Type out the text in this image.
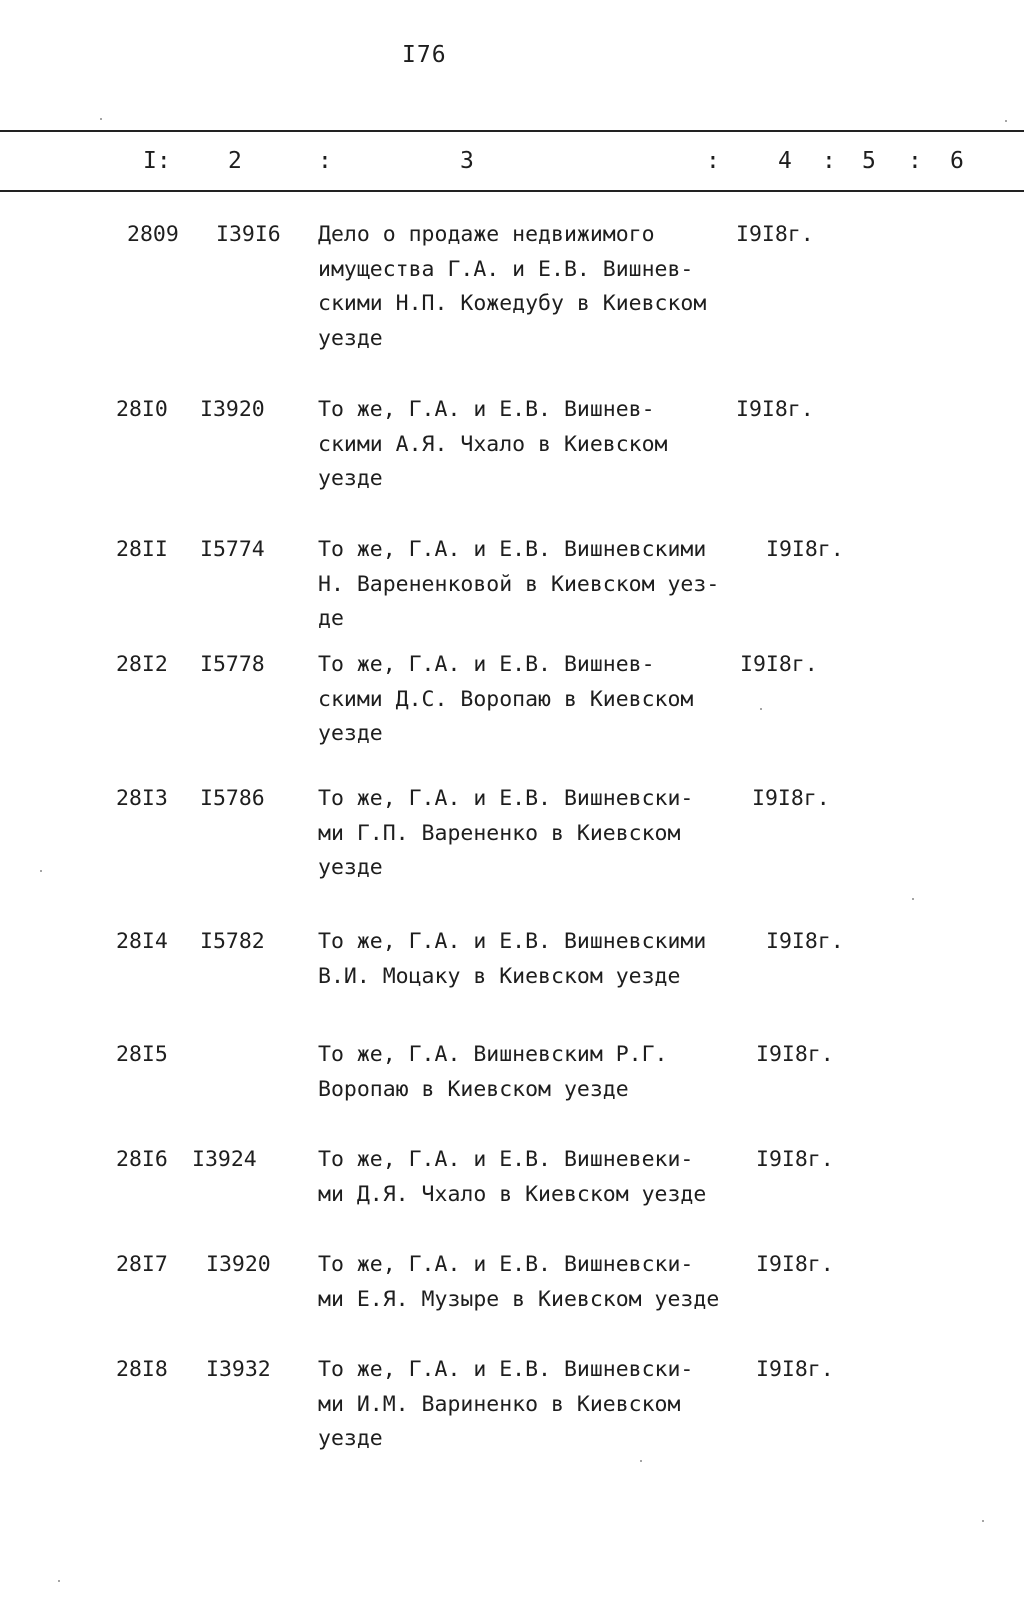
I76
I: 2	:	3	:	4 : 5 : 6
2809 I39I6 Дело о продаже недвижимого
имущества Г.А. и Е.В. Вишнев-
скими Н.П. Кожедубу в Киевском
уезде
I9I8г.
28I0 I3920 То же, Г.А. и Е.В. Вишнев-
скими А.Я. Чхало в Киевском
уезде
I9I8г.
28II I5774 То же, Г.А. и Е.В. Вишневскими
Н. Варененковой в Киевском уез-
де
I9I8г.
28I2 I5778 То же, Г.А. и Е.В. Вишнев-
скими Д.С. Воропаю в Киевском
уезде
I9I8г.
28I3 I5786 То же, Г.А. и Е.В. Вишневски-
ми Г.П. Варененко в Киевском
уезде
I9I8г.
28I4 I5782 То же, Г.А. и Е.В. Вишневскими
В.И. Моцаку в Киевском уезде
I9I8г.
28I5	То же, Г.А. Вишневским Р.Г.
Воропаю в Киевском уезде
I9I8г.
28I6 I3924	То же, Г.А. и Е.В. Вишневеки-
ми Д.Я. Чхало в Киевском уезде
I9I8г.
28I7 I3920 То же, Г.А. и Е.В. Вишневски-
ми Е.Я. Музыре в Киевском уезде
I9I8г.
28I8 I3932 То же, Г.А. и Е.В. Вишневски-
ми И.М. Вариненко в Киевском
уезде
I9I8г.
